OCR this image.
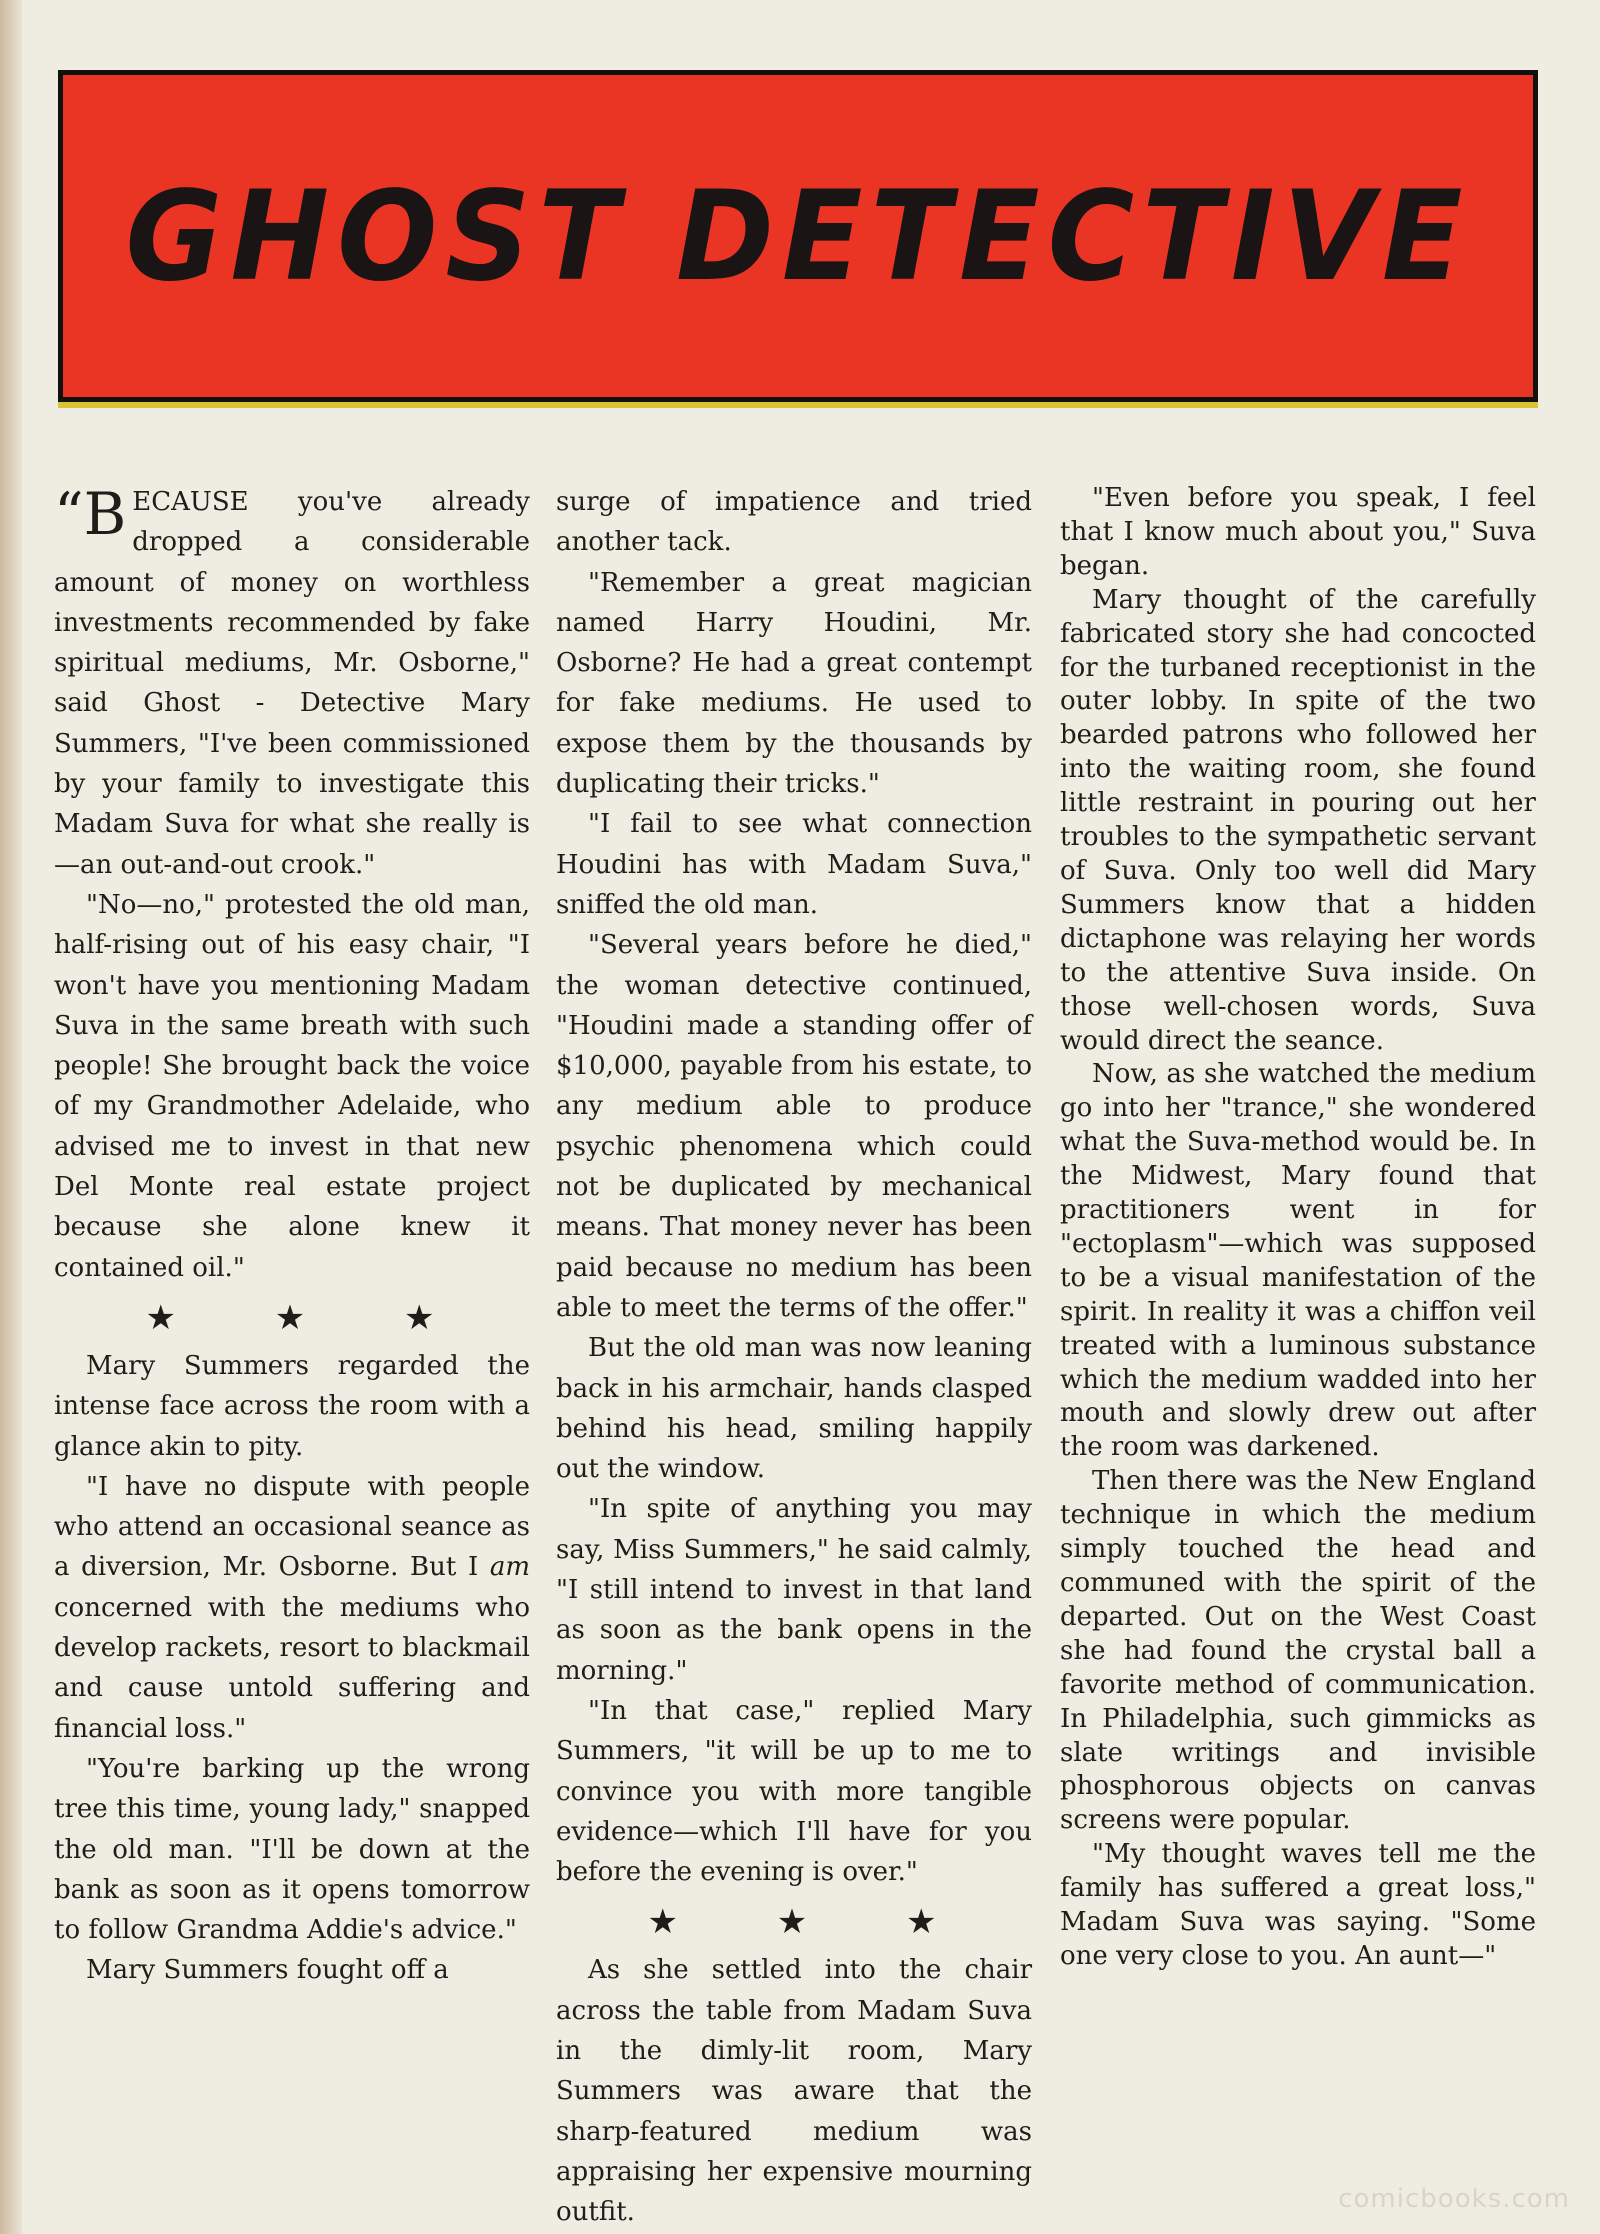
GHOST DETECTIVE

“BECAUSE you've already dropped a considerable amount of money on worthless investments recommended by fake spiritual mediums, Mr. Osborne," said Ghost - Detective Mary Summers, "I've been commissioned by your family to investigate this Madam Suva for what she really is—an out-and-out crook."

"No—no," protested the old man, half-rising out of his easy chair, "I won't have you mentioning Madam Suva in the same breath with such people! She brought back the voice of my Grandmother Adelaide, who advised me to invest in that new Del Monte real estate project because she alone knew it contained oil."

★ ★ ★

Mary Summers regarded the intense face across the room with a glance akin to pity.

"I have no dispute with people who attend an occasional seance as a diversion, Mr. Osborne. But I am concerned with the mediums who develop rackets, resort to blackmail and cause untold suffering and financial loss."

"You're barking up the wrong tree this time, young lady," snapped the old man. "I'll be down at the bank as soon as it opens tomorrow to follow Grandma Addie's advice."

Mary Summers fought off a

surge of impatience and tried another tack.

"Remember a great magician named Harry Houdini, Mr. Osborne? He had a great contempt for fake mediums. He used to expose them by the thousands by duplicating their tricks."

"I fail to see what connection Houdini has with Madam Suva," sniffed the old man.

"Several years before he died," the woman detective continued, "Houdini made a standing offer of $10,000, payable from his estate, to any medium able to produce psychic phenomena which could not be duplicated by mechanical means. That money never has been paid because no medium has been able to meet the terms of the offer."

But the old man was now leaning back in his armchair, hands clasped behind his head, smiling happily out the window.

"In spite of anything you may say, Miss Summers," he said calmly, "I still intend to invest in that land as soon as the bank opens in the morning."

"In that case," replied Mary Summers, "it will be up to me to convince you with more tangible evidence—which I'll have for you before the evening is over."

★ ★ ★

As she settled into the chair across the table from Madam Suva in the dimly-lit room, Mary Summers was aware that the sharp-featured medium was appraising her expensive mourning outfit.

"Even before you speak, I feel that I know much about you," Suva began.

Mary thought of the carefully fabricated story she had concocted for the turbaned receptionist in the outer lobby. In spite of the two bearded patrons who followed her into the waiting room, she found little restraint in pouring out her troubles to the sympathetic servant of Suva. Only too well did Mary Summers know that a hidden dictaphone was relaying her words to the attentive Suva inside. On those well-chosen words, Suva would direct the seance.

Now, as she watched the medium go into her "trance," she wondered what the Suva-method would be. In the Midwest, Mary found that practitioners went in for "ectoplasm"—which was supposed to be a visual manifestation of the spirit. In reality it was a chiffon veil treated with a luminous substance which the medium wadded into her mouth and slowly drew out after the room was darkened.

Then there was the New England technique in which the medium simply touched the head and communed with the spirit of the departed. Out on the West Coast she had found the crystal ball a favorite method of communication. In Philadelphia, such gimmicks as slate writings and invisible phosphorous objects on canvas screens were popular.

"My thought waves tell me the family has suffered a great loss," Madam Suva was saying. "Some one very close to you. An aunt—"

comicbooks.com
